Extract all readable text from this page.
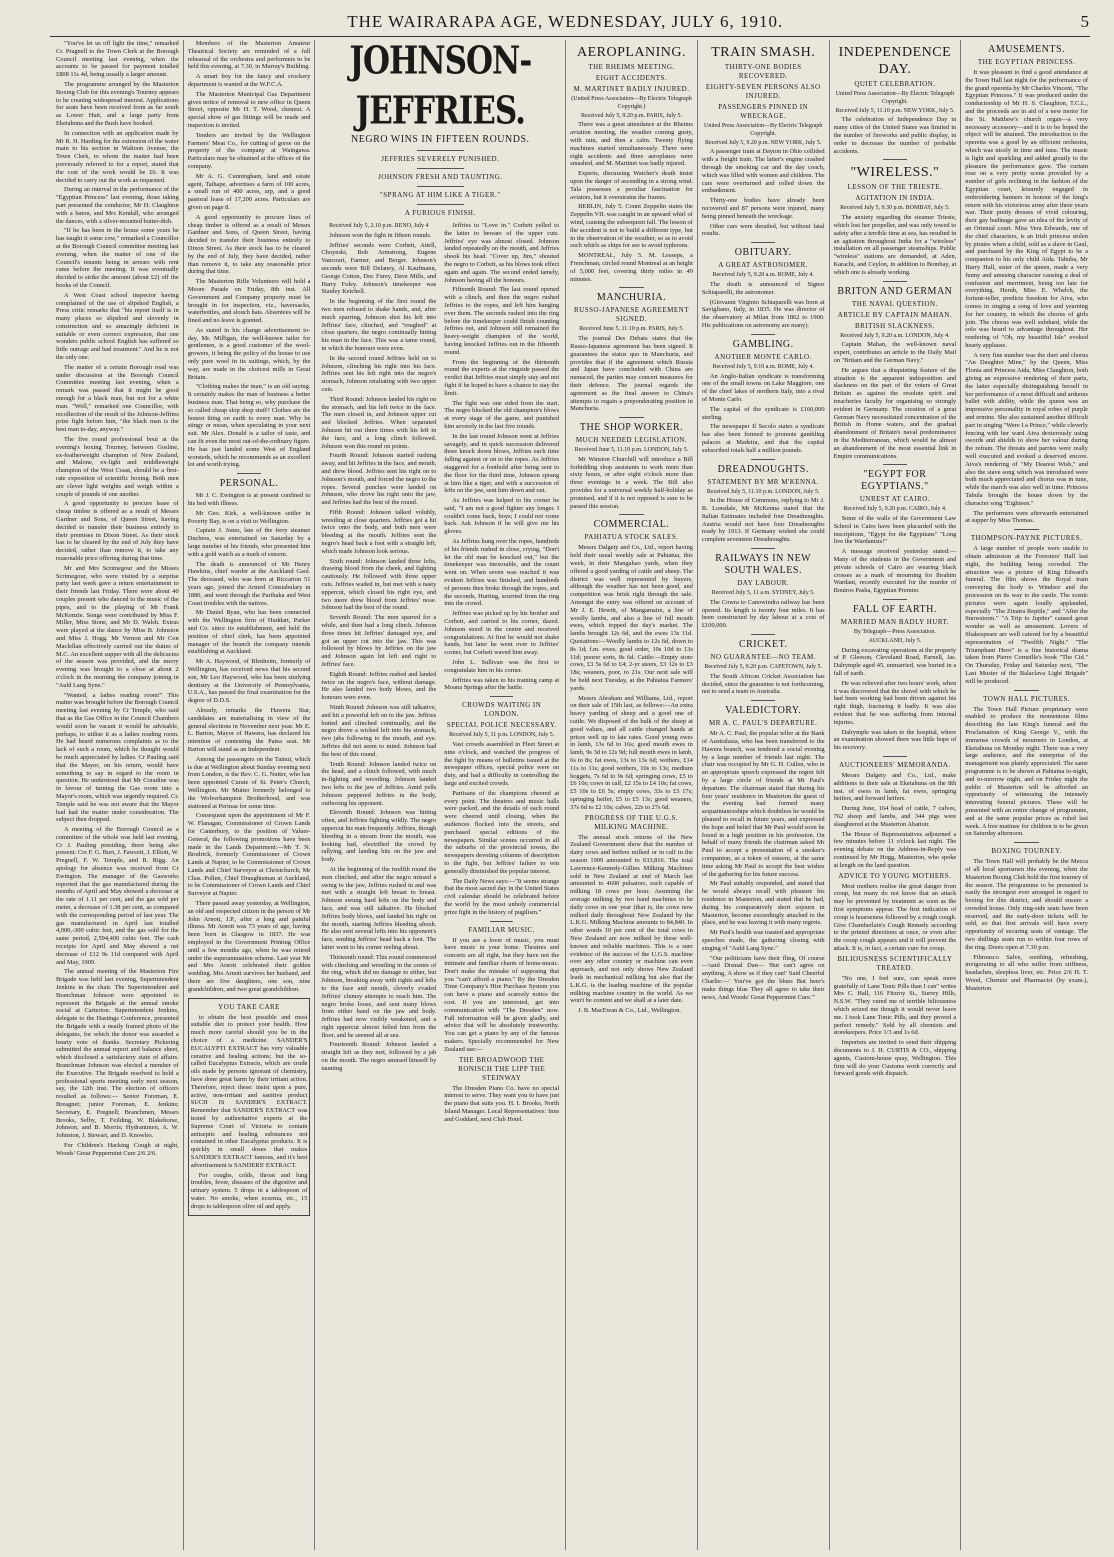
THE WAIRARAPA AGE, WEDNESDAY, JULY 6, 1910.	5

"You've let us off light the time," remarked Cr. Pragnell to the Town Clerk at the Borough Council meeting last evening, when the accounts to be passed for payment totalled £808 11s 4d, being usually a larger amount.

The programme arranged by the Masterton Boxing Club for this evening's Tourney appears to be creating widespread interest. Applications for seats have been received from as far south as Lower Hutt, and a large party from Eketahuna and the Bush have booked.

In connection with an application made by Mr R. H. Harding for the extension of the water main to his section in Waltoon Avenue, the Town Clerk, to whom the matter had been previously referred to for a report, stated that the cost of the work would be £6. It was decided to carry out the work as requested.

During an interval in the performance of the "Egyptian Princess" last evening, those taking part presented the conductor, Mr H. Claughton with a baton, and Mrs Kendall, who arranged the dances, with a silver-mounted butter-dish.

"If he has been in the house some years he has taught it some cow," remarked a Councillor at the Borough Council committee meeting last evening, when the matter of one of the Council's tenants being in arrears with rent came before the meeting. It was eventually decided to strike the amount (about £2) off the books of the Council.

A West Coast school inspector having complained of the use of slipshod English, a Press critic remarks that "his report itself is in many places so slipshod and slovenly in construction and so amazingly deficient in suitable or even correct expression, that one wonders public school English has suffered so little outrage and bad treatment." And he is not the only one.

The matter of a certain Borough road was under discussion at the Borough Council Committee meeting last evening, when a remark was passed that it might be good enough for a black man, but not for a white man. "Well," remarked one Councillor, with recollection of the result of the Johnson-Jeffries prize fight before him, "the black man is the best man to-day, anyway."

The five round professional bout at the evening's boxing Tourney, between Gosline, ex-featherweight champion of New Zealand, and Malone, ex-light and middleweight champion of the West Coast, should be a first-rate exposition of scientific boxing. Both men are clever light weights and weigh within a couple of pounds of one another.

A good opportunity to procure lease of cheap timber is offered as a result of Messrs Gardner and Sons, of Queen Street, having decided to transfer their business entirely to their premises in Dixon Street. As their stock has to be cleared by the end of July they have decided, rather than remove it, to take any reasonable price offering during that time.

Mr and Mrs Scrimegour and the Misses Scrimegour, who were visited by a surprise party last week gave a return entertainment to their friends last Friday. There were about 40 couples present who danced to the music of the pipes, and to the playing of Mr Frank McKenzie. Songs were contributed by Miss F. Miller, Miss Stone, and Mr D. Walsh. Extras were played at the dance by Miss B. Johnston and Miss J. Hogg. Mr Vernon and Mr Con Maclellan effectively carried out the duties of M.C. An excellent supper with all the delicacies of the season was provided, and the merry evening was brought to a close at about 2 o'clock in the morning the company joining in "Auld Lang Syne."

"Wanted, a ladies reading room!" This matter was brought before the Borough Council meeting last evening by Cr Temple, who said that as the Gas Office in the Council Chambers would soon be vacant it would be advisable, perhaps, to utilise it as a ladies reading room. He had heard numerous complaints as to the lack of such a room, which he thought would be much appreciated by ladies. Cr Pauling said that the Mayor, on his return, would have something to say in regard to the room in question. He understood that Mr Coradine was in favour of turning the Gas room into a Mayor's room, which was urgently required. Cr. Temple said he was not aware that the Mayor had had the matter under consideration. The subject then dropped.

A meeting of the Borough Council as a committee of the whole was held last evening, Cr J. Pauling presiding, there being also present: Crs F. G. Burt, J. Fawcett, J. Elliott, W. Pregnell, F. W. Temple, and R. Rigg. An apology for absence was received from Cr Ewington. The manager of the Gasworks reported that the gas manufactured during the months of April and May showed a decrease at the rate of 1.11 per cent, and the gas sold per meter, a decrease of 1.38 per cent, as compared with the corresponding period of last year. The gas manufactured in April last totalled 4,000,-300 cubic feet, and the gas sold for the same period, 2,594,400 cubic feet. The cash receipts for April and May showed a net decrease of £12 9s 11d compared with April and May, 1909.

The annual meeting of the Masterton Fire Brigade was held last evening, Superintendent Jenkins in the chair. The Superintendent and Branchman Johnson were appointed to represent the Brigade at the annual smoke social at Carterton. Superintendent Jenkins, delegate to the Hastings Conference, presented the Brigade with a neatly framed photo of the delegates, for which the donor was awarded a hearty vote of thanks. Secretary Pickering submitted the annual report and balance sheet, which disclosed a satisfactory state of affairs. Branchman Johnson was elected a member of the Executive. The Brigade resolved to hold a professional sports meeting early next season, say, the 12th inst. The election of officers resulted as follows:— Senior Foreman, E. Breagnet; junior Foreman, E. Jenkins; Secretary, E. Pregnell; Branchmen, Messrs Brooks, Selby, T. Feilding, W. Blakehorse, Johnson, and B. Morris; Hydrantmen, A. W. Johnston, J. Stewart, and D. Knowles.

For Children's Hacking Cough at night, Woods' Great Peppermint Cure 2/6 2/6.

Members of the Masterton Amateur Theatrical Society are reminded of a full rehearsal of the orchestra and performers to be held this evening, at 7.30, in Murray's Building.

A smart boy for the fancy and crockery department is wanted at the W.F.C.A.

The Masterton Municipal Gas Department gives notice of removal to new office in Queen Street, opposite Mr H. T. Wood, chemist. A special show of gas fittings will be made and inspection is invited.

Tenders are invited by the Wellington Farmers' Meat Co., for cutting of gorse on the property of the company at Waingawa. Particulars may be obtained at the offices of the company.

Mr A. G. Cunningham, land and estate agent, Taihape, advertises a farm of 100 acres, a small run of 400 acres, arp, and a good pastoral lease of 17,200 acres. Particulars are given on page 8.

A good opportunity to procure lines of cheap timber is offered as a result of Messrs Gardner and Sons, of Queen Street, having decided to transfer their business entirely to Dixon Street. As their stock has to be cleared by the end of July, they have decided, rather than remove it, to take any reasonable price during that time.

The Masterton Rifle Volunteers will hold a Moore Parade on Friday, 8th inst. All Government and Company property must be brought in for inspection, viz., haversacks, waterbottles, and slouch hats. Absentees will be fined and no leave is granted.

As stated in his change advertisement to-day, Mr. Milligan, the well-known tailor for gentlemen, is a good customer of the wool-growers, it being the policy of the house to use only pure wool in its suitings, which, by the way, are made in the choicest mills in Great Britain.

"Clothing makes the man," is an old saying. It certainly makes the man of business a better business man. That being so, why purchase the so called cheap slop shop stuff? Clothes are the honest thing on earth to every man. Why be stingy or mean, when speculating in your next suit. Mr Alex. Donald is a tailor of taste, and can fit even the most out-of-the-ordinary figure. He has just landed some West of England worsteds, which he recommends as an excellent lot and worth trying.

PERSONAL.

Mr J. C. Ewington is at present confined to his bed with illness.

Mr Geo. Kirk, a well-known settler in Poverty Bay, is on a visit to Wellington.

Captain J. Jones, late of the ferry steamer Duchess, was entertained on Saturday by a large number of his friends, who presented him with a gold watch as a mark of esteem.

The death is announced of Mr Henry Hawkins, chief warder at the Auckland Gaol. The deceased, who was born at Riccarton 51 years ago, joined the Armed Constabulary in 1880, and went through the Parihaka and West Coast troubles with the natives.

Mr Daniel Ryan, who has been connected with the Wellington firm of Huddart, Parker and Co. since its establishment, and held the position of chief clerk, has been appointed manager of the branch the company intends establishing at Auckland.

Mr A. Haywood, of Blenheim, formerly of Wellington, has received news that his second son, Mr Leo Haywood, who has been studying dentistry at the University of Pennsylvania, U.S.A., has passed the final examination for the degree of D.D.S.

Already, remarks the Hawera Star, candidates are materialising in view of the general elections in November next year. Mr E. L. Barton, Mayor of Hawera, has declared his intention of contesting the Patea seat. Mr Barton will stand as an Independent.

Among the passengers on the Tainui, which is due at Wellington about Sunday evening next from London, is the Rev. C. G. Nutter, who has been appointed Curate of St. Peter's Church, Wellington. Mr Mutter formerly belonged to the Wolverhampton Brotherhood, and was stationed at Perinaa for some time.

Consequent upon the appointment of Mr F. W. Flanagan, Commissioner of Crown Lands for Canterbury, to the position of Valuer-General, the following promotions have been made in the Lands Department:—Mr T. N. Brodrick, formerly Commissioner of Crown Lands at Napier, to be Commissioner of Crown Lands and Chief Surveyor at Christchurch; Mr Chas. Pollen, Chief Draughtsman at Auckland, to be Commissioner of Crown Lands and Chief Surveyor at Napier.

There passed away yesterday, at Wellington, an old and respected citizen in the person of Mr John Arnott, J.P., after a long and painful illness. Mr Arnott was 73 years of age, having been born in Glasgow in 1837. He was employed in the Government Printing Office until a few months ago, when he was retired under the superannuation scheme. Last year Mr and Mrs Arnott celebrated their golden wedding. Mrs Arnott survives her husband, and there are five daughters, one son, nine grandchildren, and two great grandchildren.

YOU TAKE CARE

to obtain the best possible and most suitable diet to protect your health. How much more careful should you be in the choice of a medicine. SANDER'S EUCALYPTI EXTRACT has very valuable curative and healing actions; but the so-called Eucalyptus Extracts, which are crude oils made by persons ignorant of chemistry, have done great harm by their irritant action. Therefore, reject these: insist upon a pure, active, non-irritant and sanitive product SUCH IS SANDER'S EXTRACT. Remember that SANDER'S EXTRACT was tested by authoritative experts at the Supreme Court of Victoria to contain antiseptic and healing substances not contained in other Eucalyptus products. It is quickly in small doses that makes SANDER'S EXTRACT famous, and it's best advertisement is SANDERS' EXTRACT.

For coughs, colds, throat and lung troubles, fever, diseases of the digestive and urinary system. 5 drops in a tablespoon of water. No smoke, when eczema, etc., 15 drops to tablespoon olive oil and apply.

JOHNSON-JEFFRIES.
NEGRO WINS IN FIFTEEN ROUNDS.
JEFFRIES SEVERELY PUNISHED.
JOHNSON FRESH AND TAUNTING.
"SPRANG AT HIM LIKE A TIGER."
A FURIOUS FINISH.
Received July 5, 2.10 p.m. RENO, July 4

Johnson won the fight in fifteen rounds.

Jeffries' seconds were Corbett, Attell, Choynski, Bob Armstrong, Eugene Vancourt, Farmer, and Berger. Johnson's seconds were Bill Delaney, Al Kaufmann, George Cotton, Doc Furey, Dave Mills, and Harry Foley. Johnson's timekeeper was Stanley Ketchell.

In the beginning of the first round the two men refused to shake hands, and, after much sparring, Johnson shot his left into Jeffries' face, clinched, and "roughed" at close quarters, the negro continually hitting his man in the face. This was a tame round, in which the honours were even.

In the second round Jeffries held on to Johnson, clinching his right into his face. Jeffries sent his left right into the negro's stomach, Johnson retaliating with two upper cuts.

Third Round: Johnson landed his right on the stomach, and his left twice in the face. The men closed in, and Johnson upper cut and blocked Jeffries. When separated Johnson hit out three times with his left in the face, and a long clinch followed. Johnson won this round on points.

Fourth Round: Johnson started rushing away, and hit Jeffries in the face, and mouth, and drew blood. Jeffries sent his right on to Johnson's mouth, and forced the negro to the ropes. Several punches were landed on Johnson, who drove his right onto the jaw, and Jeffries had the best of the round.

Fifth Round: Johnson talked volubly, wrestling at close quarters. Jeffries got a hit twice onto the body, and both men were bleeding at the mouth. Jeffries sent the negro's head back a foot with a straight left, which made Johnson look serious.

Sixth round: Johnson landed three lefts, drawing blood from the cheek, and fighting cautiously. He followed with three upper cuts. Jeffries waded in, but met with a nasty uppercut, which closed his right eye, and two more drew blood from Jeffries' nose. Johnson had the best of the round.

Seventh Round: The men sparred for a while, and then had a long clinch. Johnson three times hit Jeffries' damaged eye, and got an upper cut into the jaw. This was followed by blows by Jeffries on the jaw and Johnson again hit left and right to Jeffries' face.

Eighth Round: Jeffries rushed and landed twice on the negro's face, without damage. He also landed two body blows, and the honours were even.

Ninth Round: Johnson was still talkative, and hit a powerful left on to the jaw. Jeffries butted and clinched continually, and the negro drove a wicked left into his stomach, two jabs following to the mouth, and eye. Jeffries did not seem to mind. Johnson had the best of this round.

Tenth Round: Johnson landed twice on the head, and a clinch followed, with much in-fighting and wrestling. Johnson landed two lefts to the jaw of Jeffries. Amid yells Johnson peppered Jeffries in the body, outboxing his opponent.

Eleventh Round: Johnson was hitting often, and Jeffries fighting wildly. The negro uppercut his man frequently. Jeffries, though bleeding in a stream from the mouth, was looking bad, electrified the crowd by rallying, and landing hits on the jaw and body.

At the beginning of the twelfth round the men clinched, and after the negro missed a swing to the jaw, Jeffries rushed in and was met with a straight left breast to breast. Johnson swung hard lefts on the body and face, and was still talkative. He blocked Jeffries body blows, and landed his right on the mouth, starting Jeffries bleeding afresh. He also sent several lefts into his opponent's face, sending Jeffries' head back a foot. The latter went to his corner reeling about.

Thirteenth round: This round commenced with clinching and wrestling in the centre of the ring, which did no damage to either, but Johnson, breaking away with rights and lefts to the face and mouth, cleverly evaded Jeffries' clumsy attempts to reach him. The negro broke loose, and sent many blows from either hand on the jaw and body. Jeffries had now visibly weakened, and a right uppercut almost felled him from the floor, and he seemed all at sea.

Fourteenth Round: Johnson landed a straight left as they met, followed by a jab on the mouth. The negro amused himself by taunting

Jeffries to "Love in." Corbett yelled to the latter to beware of the upper cuts. Jeffries' eye was almost closed. Johnson landed repeatedly on the mouth, and Jeffries shook his head. "Cover up, Jim," shouted the negro to Corbett, as his blows took effect again and again. The second ended tamely, Johnson having all the honours.

Fifteenth Round: The last round opened with a clinch, and then the negro rushed Jeffries to the ropes, and left him hanging over them. The seconds rushed into the ring before the timekeeper could finish counting Jeffries out, and Johnson still remained the heavy-weight champion of the world, having knocked Jeffries out in the fifteenth round.

From the beginning of the thirteenth round the experts at the ringside passed the verdict that Jeffries must simply stay and not fight if he hoped to have a chance to stay the limit.

The fight was one sided from the start. The negro blocked the old champion's blows at every stage of the game, and punished him severely in the last five rounds.

In the last round Johnson went at Jeffries savagely, and in quick succession delivered three knock down blows, Jeffries each time falling against or on to the ropes. As Jeffries staggered for a foothold after being sent to the floor for the third time, Johnson sprang at him like a tiger, and with a succession of lefts on the jaw, sent him down and out.

As Jeffries was helped to his corner he said, "I am not a good fighter any longer. I couldn't come back, boys; I could not come back. Ask Johnson if he will give me his gloves.

As Jeffries hung over the ropes, hundreds of his friends rushed in close, crying, "Don't let the old man be knocked out," but the timekeeper was inexorable, and the count went on. When seven was reached it was evident Jeffries was finished, and hundreds of persons then broke through the ropes, and the seconds, Hurting, scurried from the ring into the crowd.

Jeffries was picked up by his brother and Corbett, and carried to his corner, dazed. Johnson stood in the centre and received congratulations. At first he would not shake hands, but later he went over to Jeffries' corner, but Corbett waved him away.

John L. Sullivan was the first to congratulate him in his corner.

Jeffries was taken to his training camp at Moana Springs after the battle.

CROWDS WAITING IN LONDON.
SPECIAL POLICE NECESSARY.
Received July 5, 11 p.m. LONDON, July 5.

Vast crowds assembled in Fleet Street at nine o'clock, and watched the progress of the fight by means of bulletins issued at the newspaper offices, special police were on duty, and had a difficulty in controlling the large and excited crowds.

Partisans of the champions cheered at every point. The theatres and music halls were packed, and the details of each round were cheered until closing, when the audiences flocked into the streets, and purchased special editions of the newspapers. Similar scenes occurred in all the suburbs of the provincial towns, the newspapers devoting columns of description to the fight, but Jeffries' failure to win generally diminished the popular interest.

The Daily News says:—"It seems strange that the most sacred day in the United States civil calendar should be celebrated before the world by the most unholy commercial prize fight in the history of pugilism."

FAMILIAR MUSIC.

If you are a lover of music, you must have music in your home. Theatres and concerts are all right, but they have not the intimate and familiar charm of home-music. Don't make the mistake of supposing that you "can't afford a piano." By the Dresden Time Company's Hire Purchase System you can have a piano and scarcely notice the cost. If you are interested, get into communication with "The Dresden" now. Full information will be given gladly, and advice that will be absolutely trustworthy. You can get a piano by any of the famous makers. Specially recommended for New Zealand use:—

THE BROADWOOD THE RONISCH THE LIPP THE STEINWAY

The Dresden Piano Co. have no special interest to serve. They want you to have just the piano that suits you. H. I. Brooks, North Island Manager. Local Representatives: Inns and Goddard, next Club Hotel.

AEROPLANING.
THE RHEIMS MEETING.
EIGHT ACCIDENTS.
M. MARTINET BADLY INJURED.
(United Press Association—By Electric Telegraph Copyright.)
Received July 5, 9.20 p.m. PARIS, July 5.

There was a great attendance at the Rheims aviation meeting, the weather coming gusty, with rain, and then a calm. Twenty flying machines started simultaneously. There were eight accidents and three aeroplanes were smashed, and M. Martinet was badly injured.

Experts, discussing Watcher's death insist upon the danger of ascending in a strong wind. Tala possesses a peculiar fascination for aviators, but it overstrains the frames.

BERLIN, July 5. Count Zeppelin states the Zeppelin VII. was caught in an upward whirl of wind, causing the subsequent fall. The lesson of the accident is not to build a different type, but in the observation of the weather, so as to avoid such whirls as ships for see to avoid typhoons.

MONTREAL, July 5. M. Lesseps, a Frenchman, circled round Montreal at an height of 5,000 feet, covering thirty miles in 49 minutes.

MANCHURIA.
RUSSO-JAPANESE AGREEMENT SIGNED.
Received June 5, 11.10 p.m. PARIS, July 5.

The journal Des Debats states that the Russo-Japanese agreement has been signed. It guarantees the status quo in Manchuria, and provides that if the agreement which Russia and Japan have concluded with China are menaced, the parties may concert measures for their defence. The journal regards the agreement as the final answer to China's attempts to regain a preponderating position in Manchuria.

THE SHOP WORKER.
MUCH NEEDED LEGISLATION.
Received June 5, 11.10 p.m. LONDON, July 5.

Mr Winston Churchill will introduce a Bill forbidding shop assistants to work more than sixty hours, or after eight o'clock more than three evenings in a week. The Bill also provides for a universal weekly half-holiday as promised, and if it is not opposed is sure to be passed this session.

COMMERCIAL.
PAHIATUA STOCK SALES.

Messrs Dalgety and Co., Ltd., report having held their usual weekly sale at Pahiatua, this week, in their Mangahao yards, when they offered a good yarding of cattle and sheep. The district was well represented by buyers, although the weather has not been good, and competition was brisk right through the sale. Amongst the entry was offered on account of Mr J. E. Hewitt, of Mangamaire, a line of woolly lambs, and also a line of full mouth ewes, which topped the day's market. The lambs brought 12s 6d, and the ewes 13s 11d. Quotations:—Woolly lambs to 12s 6d, down to 8s 1d; f.m. ewes, good order, 10s 10d to 13s 11d; poorer sorts, 8s 6d. Cattle:—Empty store cows, £3 5s 6d to £4; 2-yr steers, £3 12s to £3 18s; weaners, poor, to 21s. Our next sale will be held next Tuesday, at the Pahiatua Farmers' yards.

Messrs Abraham and Williams, Ltd., report on their sale of 15th last, as follows:—An extra heavy yarding of sheep and a good one of cattle. We disposed of the bulk of the sheep at good values, and all cattle changed hands at prices well up to late rates. Good young ewes in lamb, 13s 6d to 16s; good mouth ewes in lamb, 9s 3d to 12s 9d; full mouth ewes in lamb, 6s to 8s; fat ewes, 13s to 13s 6d; wethers, £14 11s to 11s; good wethers, 10s to 13s; medium hoggets, 7s 6d to 9s 6d; springing cows, £5 to £6 10s; cows in calf, £2 15s to £4 10s; fat cows, £5 10s to £6 5s; empty cows, 33s to £3 17s; springing heifer, £5 to £5 13s; good weaners, 37s 6d to £2 10s; calves, 22s to 27s 6d.

PROGRESS OF THE U.G.S. MILKING MACHINE.

The annual stock returns of the New Zealand Government show that the number of dairy cows and heifers milked or in calf in the season 1909 amounted to 633,816. The total Lawrence-Kennedy-Gillies Milking Machines sold in New Zealand at end of March last amounted to 4690 pulsators, each capable of milking 18 cows per hour. Assuming the average milking by two hand machines to be daily cows in one year (that is, the cows now milked daily throughout New Zealand by the L.K.G. Milking Machine amounts to 84,840. In other words 10 per cent of the total cows in New Zealand are now milked by these well-known and reliable machines. This is a sure evidence of the success of the U.G.S. machine over any other country or machine can even approach, and not only shows New Zealand leads in mechanical milking but also that the L.K.G. is the leading machine of the popular milking machine country in the world. As we won't be content and we shall at a later date.

J. B. MacEwan & Co., Ltd., Wellington.

TRAIN SMASH.
THIRTY-ONE BODIES RECOVERED.
EIGHTY-SEVEN PERSONS ALSO INJURED.
PASSENGERS PINNED IN WRECKAGE.
United Press Association—By Electric Telegraph Copyright.
Received July 5, 9.20 p.m. NEW YORK, July 5.

A passenger train at Dayton in Ohio collided with a freight train. The latter's engine crashed through the smoking car and the day coach, which was filled with women and children. The cars were overturned and rolled down the embankment.

Thirty-one bodies have already been recovered and 87 persons were injured, many being pinned beneath the wreckage.

Other cars were derailed, but without fatal results.

OBITUARY.
A GREAT ASTRONOMER.
Received July 5, 9.20 a.m. ROME, July 4.

The death is announced of Signor Schiaparelli, the astronomer.

(Giovanni Virginio Schiaparelli was born at Savigliano, Italy, in 1835. He was director of the observatory at Milan from 1862 to 1900. His publications on astronomy are many).

GAMBLING.
ANOTHER MONTE CARLO.
Received July 5, 9.10 a.m. ROME, July 4.

An Anglo-Italian syndicate is transforming one of the small towns on Lake Maggiore, one of the chief lakes of northern Italy, into a rival of Monte Carlo.

The capital of the syndicate is £160,000 sterling.

The newspaper Il Secolo states a syndicate has also been formed to promote gambling palaces at Madeira, and that the capital subscribed totals half a million pounds.

DREADNOUGHTS.
STATEMENT BY MR M'KENNA.
Received July 5, 11.10 p.m. LONDON, July 5.

In the House of Commons, replying to Mr J. B. Lonsdale, Mr McKenna stated that the Italian Estimates included four Dreadnoughts. Austria would not have four Dreadnoughts ready by 1913. If Germany wished she could complete seventeen Dreadnoughts.

RAILWAYS IN NEW SOUTH WALES.
DAY LABOUR.
Received July 5, 11 a.m. SYDNEY, July 5.

The Cowra to Canowindra railway has been opened. Its length is twenty four miles. It has been constructed by day labour at a cost of £100,000.

CRICKET.
NO GUARANTEE—NO TEAM.
Received July 5, 9.20 p.m. CAPETOWN, July 5.

The South African Cricket Association has decided, since the guarantee is not forthcoming, not to send a team to Australia.

VALEDICTORY.
MR A. C. PAUL'S DEPARTURE.

Mr A. C. Paul, the popular teller at the Bank of Australasia, who has been transferred to the Hawera branch, was tendered a social evening by a large number of friends last night. The chair was occupied by Mr G. H. Cullen, who in an appropriate speech expressed the regret felt by a large circle of friends at Mr Paul's departure. The chairman stated that during his four years' residence in Masterton the guest of the evening had formed many acquaintanceships which doubtless he would be pleased to recall in future years, and expressed the hope and belief that Mr Paul would soon be found in a high position in his profession. On behalf of many friends the chairman asked Mr Paul to accept a presentation of a smoker's companion, as a token of esteem, at the same time asking Mr Paul to accept the best wishes of the gathering for his future success.

Mr Paul suitably responded, and stated that he would always recall with pleasure his residence in Masterton, and stated that he had, during his comparatively short sojourn in Masterton, become exceedingly attached to the place, and he was leaving it with many regrets.

Mr Paul's health was toasted and appropriate speeches made, the gathering closing with singing of "Auld Lang Syne."

"Our politicians have their fling, Of course—'said Dismal Dan— 'But can't agree on anything, A show as if they can!' Said Cheerful Charlie:—' You've got the blues But here's make things blue They all agree to take their news, And Woods' Great Peppermint Cure.'"

INDEPENDENCE DAY.
QUIET CELEBRATION.
United Press Association—By Electric Telegraph Copyright.
Received July 5, 11.10 p.m. NEW YORK, July 5.

The celebration of Independence Day in many cities of the United States was limited in the number of fireworks and public display, in order to decrease the number of probable accidents.

"WIRELESS."
LESSON OF THE TRIESTE.
AGITATION IN INDIA.
Received July 5, 9.30 p.m. BOMBAY, July 5.

The anxiety regarding the steamer Trieste, which lost her propeller, and was only towed to safety after a terrible time at sea, has resulted in an agitation throughout India for a "wireless" installation on all passenger steamships. Public "wireless" stations are demanded, at Aden, Karachi, and Ceylon, in addition to Bombay, at which one is already working.

BRITON AND GERMAN
THE NAVAL QUESTION.
ARTICLE BY CAPTAIN MAHAN.
BRITISH SLACKNESS.
Received July 5, 9.20 a.m. LONDON, July 4.

Captain Mahan, the well-known naval expert, contributes an article to the Daily Mail on "Britain and the German Navy."

He argues that a disquieting feature of the situation is the apparent indisposition and slackness on the part of the voters of Great Britain as against the resolute spirit and treacheries faculty for organising so strongly evident in Germany. The creation of a great German Navy necessitated concentration of the British in Home waters, and the gradual abandonment of Britain's naval predominance in the Mediterranean, which would be almost an abandonment of the most essential link in Empire communications.

"EGYPT FOR EGYPTIANS."
UNREST AT CAIRO.
Received July 5, 9.20 p.m. CAIRO, July 4.

Some of the walls of the Government Law School in Cairo have been placarded with the inscriptions, "Egypt for the Egyptians" "Long live the Wardanists!"

A message received yesterday stated:—Many of the students in the Government and private schools of Cairo are wearing black crosses as a mark of mourning for Ibrahim Wardani, recently executed for the murder of Boutros Pasha, Egyptian Premier.

FALL OF EARTH.
MARRIED MAN BADLY HURT.
By Telegraph—Press Association.
AUCKLAND, July 5.

During excavating operations at the property of P. Gleeson, Cleveland Road, Parnell, Jas. Dalrymple aged 45, unmarried, was buried in a fall of earth.

He was relieved after two hours' work, when it was discovered that the shovel with which he had been working had been driven against his right thigh, fracturing it badly. It was also evident that he was suffering from internal injuries.

Dalrymple was taken to the hospital, where an examination showed there was little hope of his recovery.

AUCTIONEERS' MEMORANDA.

Messrs Dalgety and Co., Ltd., make additions to their sale at Eketahuna on the 8th inst. of ewes in lamb, fat ewes, springing heifers, and forward heifers.

During June, 164 head of cattle, 7 calves, 762 sheep and lambs, and 344 pigs were slaughtered at the Masterton Abattoir.

The House of Representatives adjourned a few minutes before 11 o'clock last night. The evening debate on the Address-in-Reply was continued by Mr Hogg, Masterton, who spoke at length on the land question.

ADVICE TO YOUNG MOTHERS.

Most mothers realise the great danger from croup, but many do not know that an attack may be prevented by treatment as soon as the first symptoms appear. The first indication of croup is hoarseness followed by a rough cough. Give Chamberlain's Cough Remedy according to the printed directions at once, or even after the croup cough appears and it will prevent the attack. It is, in fact, a certain cure for croup.

BILIOUSNESS SCIENTIFICALLY TREATED.

"No one, I feel sure, can speak more gratefully of Lane Tonic Pills than I can" writes Mrs C. Hall, 116 Fitzroy St., Surrey Hills, N.S.W. "They cured me of terrible biliousness which seized me though it would never leave me. I took Lane Tonic Pills, and they proved a perfect remedy." Sold by all chemists and storekeepers. Price 1/3 and 1s 6d.

Importers are invited to send their shipping documents to J. H. CURTIS & CO., shipping agents, Custom-house quay, Wellington. This firm will do your Customs work correctly and forward goods with dispatch.

AMUSEMENTS.
THE EGYPTIAN PRINCESS.

It was pleasant to find a good attendance at the Town Hall last night for the performance of the grand operetta by Mr Charles Vincent, "The Egyptian Princess." It was produced under the conductorship of Mr H. S. Claughton, T.C.L., and the proceeds are in aid of a new motor for the St. Matthew's church organ—a very necessary accessory—and it is to be hoped the object will be attained. The introduction to the operetta was a good by an efficient orchestra, which was nicely in time and tune. The music is light and sparkling and added greatly to the pleasure the performance gave. The curtain rose on a very pretty scene provided by a number of girls reclining in the fashion of the Egyptian court, leisurely engaged in embroidering banners in honour of the king's return with his victorious army after three years war. Their pretty dresses of vivid colouring, their gay badinage gave an idea of the levity of an Oriental court. Miss Vera Edwards, one of the chief characters, is an Irish princess stolen by pirates when a child, sold as a slave in Gaul, and purchased by the King of Egypt to be a companion to his only child Aida. Tabuba, Mr Harry Hall, sister of the queen, made a very funny and amusing character causing a deal of confusion and merriment, being too late for everything. Herub, Miss E. Whelch, the fortune-teller, predicts freedom for Aiva, who comes in singing a song of love and yearning for her country, in which the chorus of girls join. The chorus was well subdued, while the solo was heard to advantage throughout. Her rendering of "Oh, my beautiful Isle" evoked hearty applause.

A very fine number was the duet and chorus "An Daughter Mine," by the Queen, Miss Flonia and Princess Aida, Miss Claughton, both giving an expressive rendering of their parts, the latter especially distinguishing herself in her performance of a most difficult and arduous ballet with ability, while the queen was an impressive personality in royal robes of purple and ermine. She also sustained another difficult part in singing "Were I a Prince," while cleverly fencing with her ward Aiva dexterously using swords and shields to show her valour during the refrain. The threats and parries were really well executed and evoked a deserved encore. Aiva's rendering of "My Dearest Wish," and also the stave song which was introduced were both much appreciated and chorus was in tune, while the march was also well in time. Princess Tabula brought the house down by the character song "Eighteen."

The performers were afterwards entertained at supper by Miss Thomas.

THOMPSON-PAYNE PICTURES.

A large number of people were unable to obtain admission at the Foresters' Hall last night, the building being crowded. The attraction was a picture of King Edward's funeral. The film shows the Royal train conveying the body to Windsor and the procession on its way to the castle. The scenic pictures were again loudly applauded, especially "The Zinatra Reptile," and "After the Snowstorm." "A Trip to Jupiter" caused great wonder as well as amusement. Lovers of Shakespeare are well catered for by a beautiful representation of "Twelfth Night." "The Triumphant Hero" is a fine historical drama taken from Pierre Corneille's book "The Cid." On Thursday, Friday and Saturday next, "The Last Muster of the Balaclava Light Brigade" will be produced.

TOWN HALL PICTURES.

The Town Hall Picture proprietary were enabled to produce the momentous films describing the late King's funeral and the Proclamation of King George V., with the immense crowds of mourners in London, at Eketahuna on Monday night. There was a very large audience, and the enterprise of the management was plainly appreciated. The same programme is to be shown at Pahiatua to-night, and to-morrow night, and on Friday night the public of Masterton will be afforded an opportunity of witnessing the intensely interesting funeral pictures. These will be presented with an entire change of programme, and at the same popular prices as ruled last week. A free matinee for children is to be given on Saturday afternoon.

BOXING TOURNEY.

The Town Hall will probably be the Mecca of all local sportsmen this evening, when the Masterton Boxing Club hold the first tourney of the season. The programme to be presented is easily the strongest ever arranged in regard to boxing for this district, and should ensure a crowded house. Only ring-side seats have been reserved, and the early-door tickets will be sold, so that first arrivals will have every opportunity of securing seats of vantage. The two shillings seats run to within four rows of the ring. Doors open at 7.30 p.m.

Fibrousco Salve, soothing, refreshing, invigorating to all who suffer from stiffness, headaches, sleepless liver, etc. Price 2/6 H. T. Wood, Chemist and Pharmacist (by exam.), Masterton.
